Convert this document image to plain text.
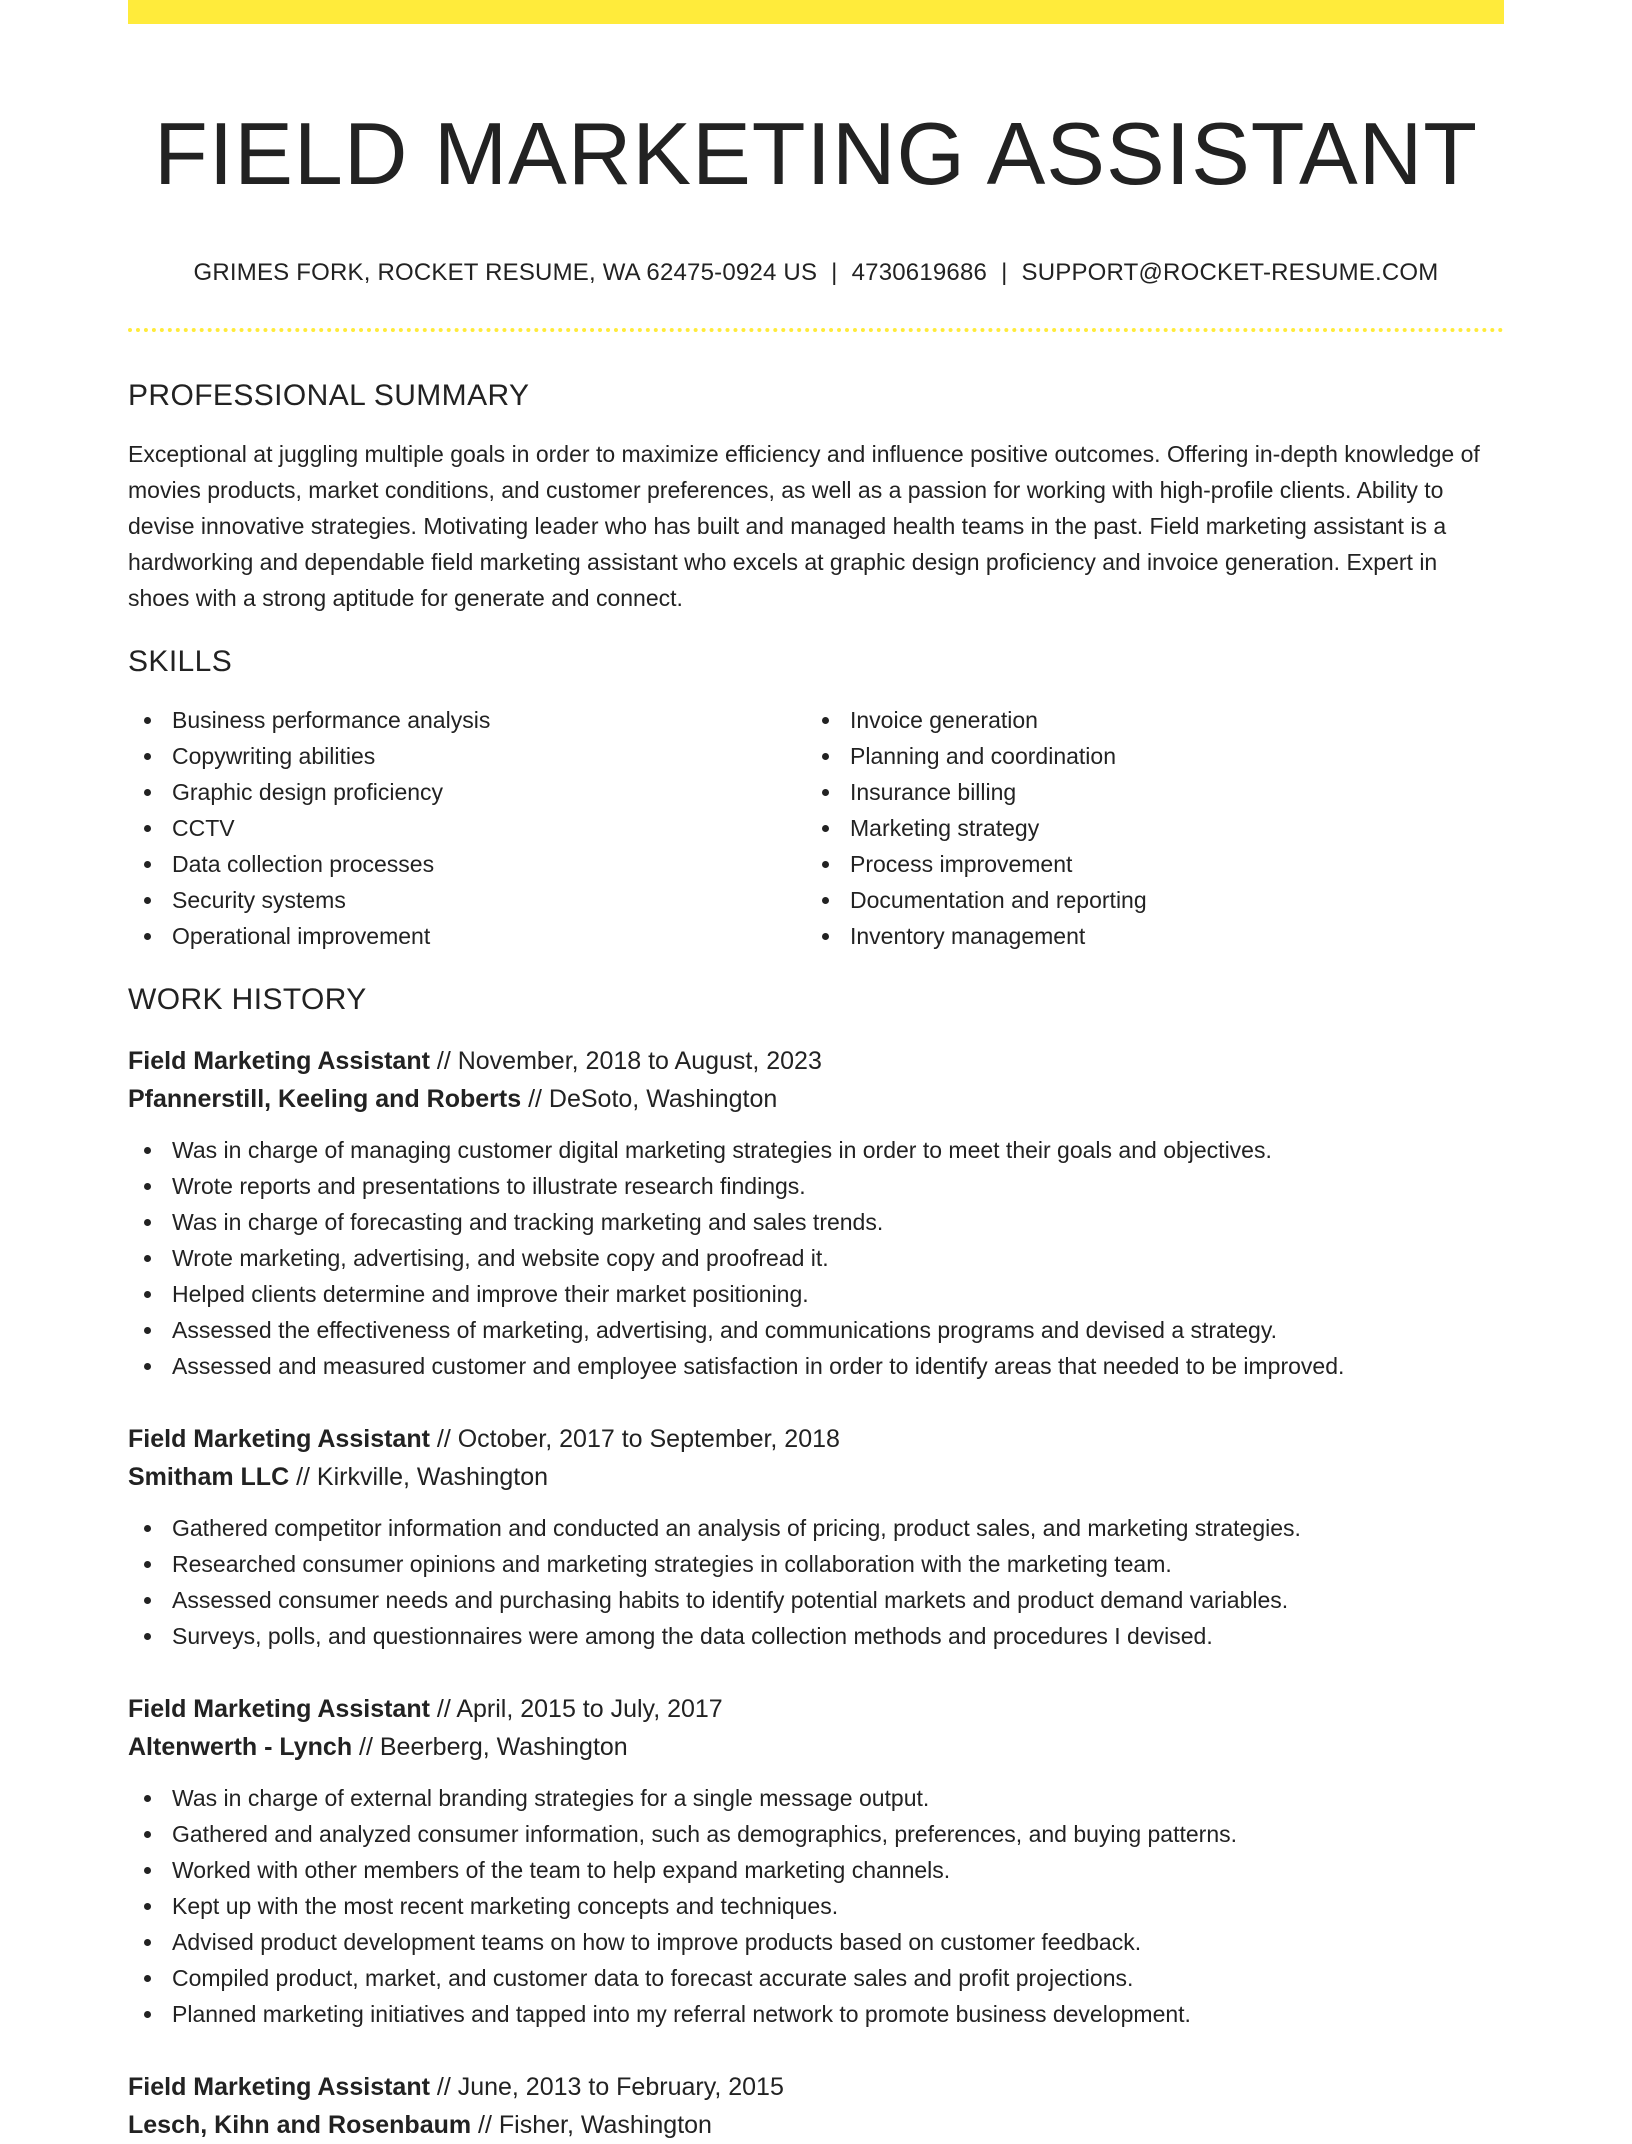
FIELD MARKETING ASSISTANT
GRIMES FORK, ROCKET RESUME, WA 62475-0924 US | 4730619686 | SUPPORT@ROCKET-RESUME.COM
PROFESSIONAL SUMMARY

Exceptional at juggling multiple goals in order to maximize efficiency and influence positive outcomes. Offering in-depth knowledge of movies products, market conditions, and customer preferences, as well as a passion for working with high-profile clients. Ability to devise innovative strategies. Motivating leader who has built and managed health teams in the past. Field marketing assistant is a hardworking and dependable field marketing assistant who excels at graphic design proficiency and invoice generation. Expert in shoes with a strong aptitude for generate and connect.

SKILLS
Business performance analysis
Copywriting abilities
Graphic design proficiency
CCTV
Data collection processes
Security systems
Operational improvement
Invoice generation
Planning and coordination
Insurance billing
Marketing strategy
Process improvement
Documentation and reporting
Inventory management
WORK HISTORY
Field Marketing Assistant // November, 2018 to August, 2023
Pfannerstill, Keeling and Roberts // DeSoto, Washington
Was in charge of managing customer digital marketing strategies in order to meet their goals and objectives.
Wrote reports and presentations to illustrate research findings.
Was in charge of forecasting and tracking marketing and sales trends.
Wrote marketing, advertising, and website copy and proofread it.
Helped clients determine and improve their market positioning.
Assessed the effectiveness of marketing, advertising, and communications programs and devised a strategy.
Assessed and measured customer and employee satisfaction in order to identify areas that needed to be improved.
Field Marketing Assistant // October, 2017 to September, 2018
Smitham LLC // Kirkville, Washington
Gathered competitor information and conducted an analysis of pricing, product sales, and marketing strategies.
Researched consumer opinions and marketing strategies in collaboration with the marketing team.
Assessed consumer needs and purchasing habits to identify potential markets and product demand variables.
Surveys, polls, and questionnaires were among the data collection methods and procedures I devised.
Field Marketing Assistant // April, 2015 to July, 2017
Altenwerth - Lynch // Beerberg, Washington
Was in charge of external branding strategies for a single message output.
Gathered and analyzed consumer information, such as demographics, preferences, and buying patterns.
Worked with other members of the team to help expand marketing channels.
Kept up with the most recent marketing concepts and techniques.
Advised product development teams on how to improve products based on customer feedback.
Compiled product, market, and customer data to forecast accurate sales and profit projections.
Planned marketing initiatives and tapped into my referral network to promote business development.
Field Marketing Assistant // June, 2013 to February, 2015
Lesch, Kihn and Rosenbaum // Fisher, Washington
